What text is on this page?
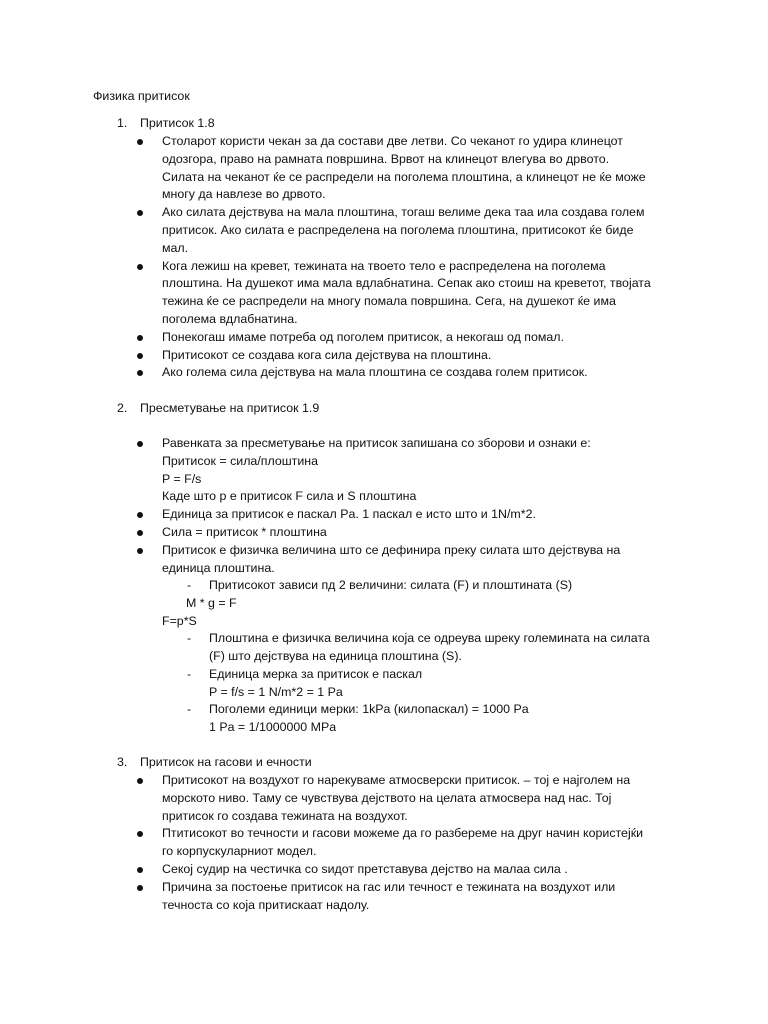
Физика притисок
1. Притисок 1.8
Столарот користи чекан за да состави две летви. Со чеканот го удира клинецот
одозгора, право на рамната површина. Врвот на клинецот влегува во дрвото.
Силата на чеканот ќе се распредели на поголема плоштина, а клинецот не ќе може
многу да навлезе во дрвото.
Ако силата дејствува на мала плоштина, тогаш велиме дека таа ила создава голем
притисок. Ако силата е распределена на поголема плоштина, притисокот ќе биде
мал.
Кога лежиш на кревет, тежината на твоето тело е распределена на поголема
плоштина. На душекот има мала вдлабнатина. Сепак ако стоиш на креветот, твојата
тежина ќе се распредели на многу помала површина. Сега, на душекот ќе има
поголема вдлабнатина.
Понекогаш имаме потреба од поголем притисок, а некогаш од помал.
Притисокот се создава кога сила дејствува на плоштина.
Ако голема сила дејствува на мала плоштина се создава голем притисок.
2. Пресметување на притисок 1.9
Равенката за пресметување на притисок запишана со зборови и ознаки е:
Притисок = сила/плоштина
P = F/s
Каде што p е притисок F сила и S плоштина
Единица за притисок е паскал Pa. 1 паскал е исто што и 1N/m*2.
Сила = притисок * плоштина
Притисок е физичка величина што се дефинира преку силата што дејствува на
единица плоштина.
- Притисокот зависи пд 2 величини: силата (F) и плоштината (S)
M * g = F
F=p*S
- Плоштина е физичка величина која се одреува шреку големината на силата
(F) што дејствува на единица плоштина (S).
- Единица мерка за притисок е паскал
P = f/s = 1 N/m*2 = 1 Pa
- Поголеми единици мерки: 1kPa (килопаскал) = 1000 Pa
1 Pa = 1/1000000 MPa
3. Притисок на гасови и ечности
Притисокот на воздухот го нарекуваме атмосверски притисок. – тој е најголем на
морското ниво. Таму се чувствува дејството на целата атмосвера над нас. Тој
притисок го создава тежината на воздухот.
Птитисокот во течности и гасови можеме да го разбереме на друг начин користејќи
го корпускуларниот модел.
Секој судир на честичка со ѕидот претставува дејство на малаа сила .
Причина за постоење притисок на гас или течност е тежината на воздухот или
течноста со која притискаат надолу.
